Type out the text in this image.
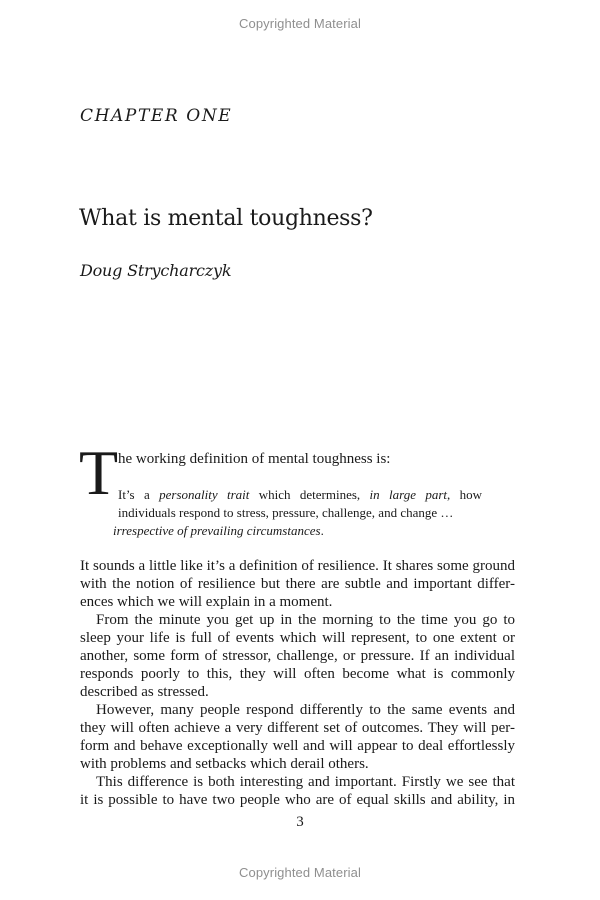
Copyrighted Material
CHAPTER ONE
What is mental toughness?
Doug Strycharczyk
T he working definition of mental toughness is:
It’s a personality trait which determines, in large part, how
individuals respond to stress, pressure, challenge, and change …
irrespective of prevailing circumstances.
It sounds a little like it’s a definition of resilience. It shares some ground
with the notion of resilience but there are subtle and important differ-
ences which we will explain in a moment.
From the minute you get up in the morning to the time you go to
sleep your life is full of events which will represent, to one extent or
another, some form of stressor, challenge, or pressure. If an individual
responds poorly to this, they will often become what is commonly
described as stressed.
However, many people respond differently to the same events and
they will often achieve a very different set of outcomes. They will per-
form and behave exceptionally well and will appear to deal effortlessly
with problems and setbacks which derail others.
This difference is both interesting and important. Firstly we see that
it is possible to have two people who are of equal skills and ability, in
3
Copyrighted Material
